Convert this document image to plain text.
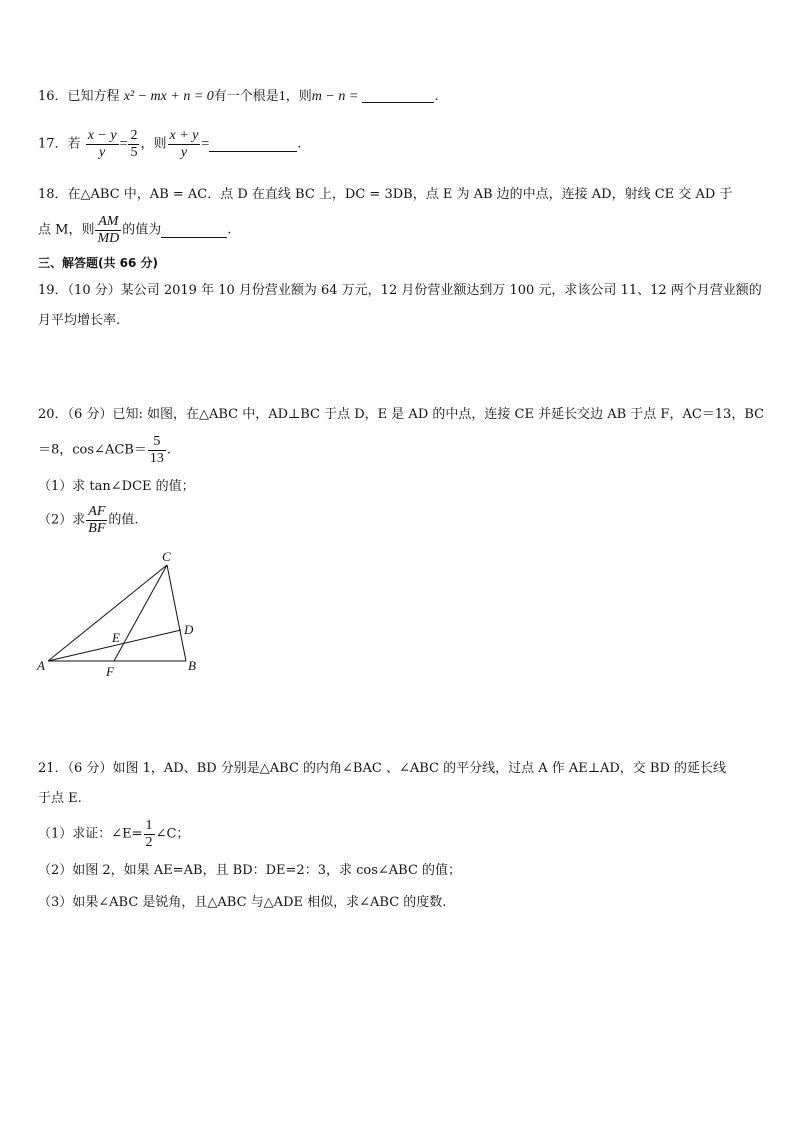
16．已知方程 x² − mx + n = 0有一个根是1，则m − n =	.
17．若 $\frac{x - y}{y} = \frac{2}{5}$ ，则 $\frac{x + y}{y}$ =	.
18．在△ABC 中，AB = AC．点 D 在直线 BC 上，DC = 3DB，点 E 为 AB 边的中点，连接 AD，射线 CE 交 AD 于
点 M，则 $\frac{AM}{MD}$ 的值为	.
三、解答题(共 66 分)
19．（10 分）某公司 2019 年 10 月份营业额为 64 万元，12 月份营业额达到万 100 元，求该公司 11、12 两个月营业额的
月平均增长率.
20．（6 分）已知: 如图，在△ABC 中，AD⊥BC 于点 D，E 是 AD 的中点，连接 CE 并延长交边 AB 于点 F，AC＝13，BC
＝8，cos∠ACB＝ $\frac{5}{13}$ .
（1）求 tan∠DCE 的值；
（2）求 $\frac{AF}{BF}$ 的值.
C
D
E
A	F	B
21．（6 分）如图 1，AD、BD 分别是△ABC 的内角∠BAC 、∠ABC 的平分线，过点 A 作 AE⊥AD，交 BD 的延长线
于点 E.
（1）求证：∠E= $\frac{1}{2}$ ∠C；
（2）如图 2，如果 AE=AB，且 BD：DE=2：3，求 cos∠ABC 的值；
（3）如果∠ABC 是锐角，且△ABC 与△ADE 相似，求∠ABC 的度数.
